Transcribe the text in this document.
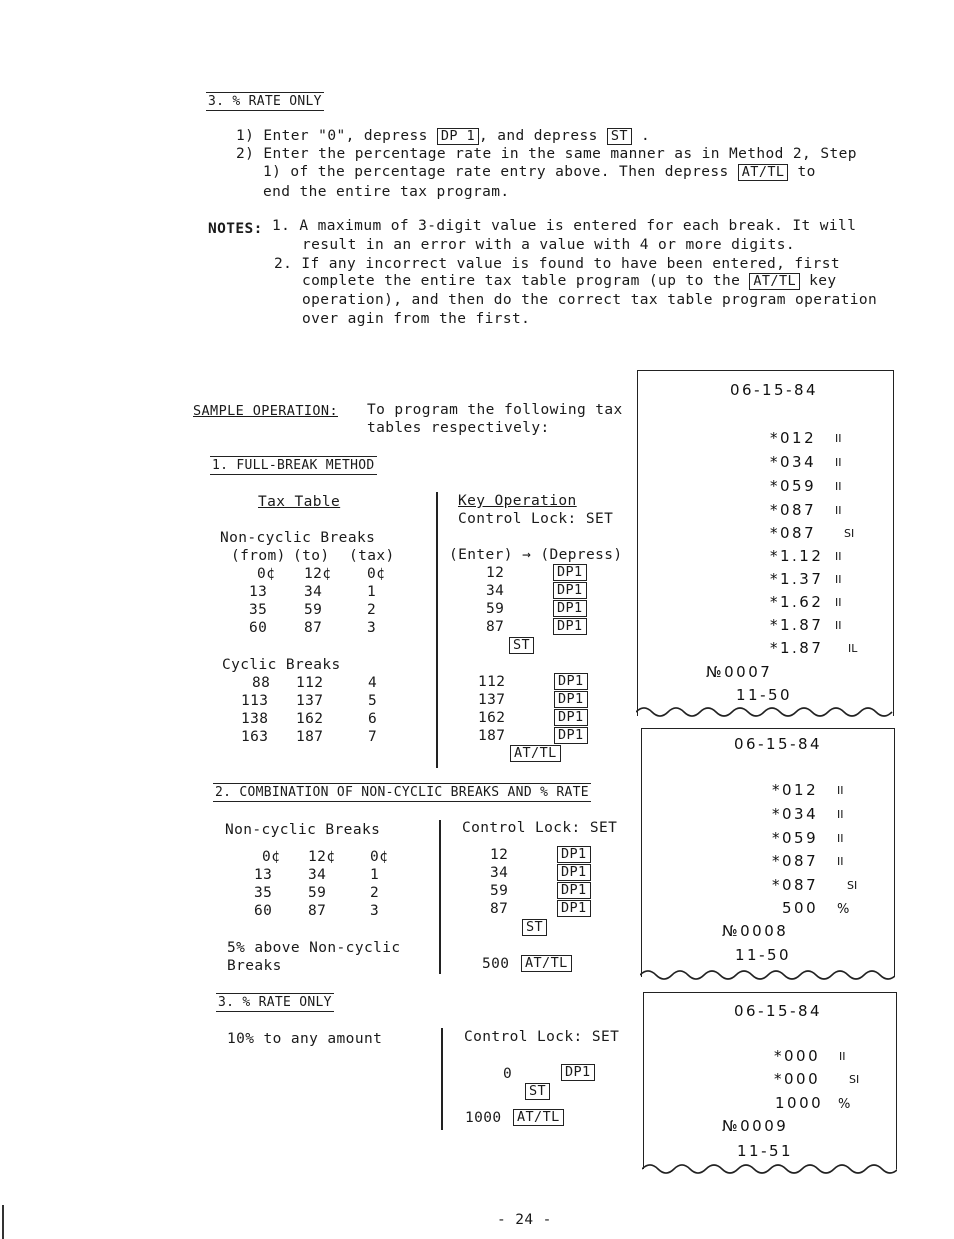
3. % RATE ONLY
1) Enter "0", depress DP 1 , and depress ST .
2) Enter the percentage rate in the same manner as in Method 2, Step
1) of the percentage rate entry above. Then depress AT/TL to
end the entire tax program.
NOTES: 1. A maximum of 3-digit value is entered for each break. It will
result in an error with a value with 4 or more digits.
2. If any incorrect value is found to have been entered, first
complete the entire tax table program (up to the AT/TL key
operation), and then do the correct tax table program operation
over agin from the first.
SAMPLE OPERATION: To program the following tax
tables respectively:
1. FULL-BREAK METHOD
Tax Table	Key Operation
Control Lock: SET
Non-cyclic Breaks
(from) (to) (tax)	(Enter) → (Depress)
0¢ 12¢ 0¢	12	DP1
13	34	1	34	DP1
35	59	2	59	DP1
60	87	3	87	DP1
ST
Cyclic Breaks
88 112	4	112	DP1
113 137	5	137	DP1
138 162	6	162	DP1
163 187	7	187	DP1
AT/TL
2. COMBINATION OF NON-CYCLIC BREAKS AND % RATE
Non-cyclic Breaks	Control Lock: SET
0¢ 12¢ 0¢	12	DP1
13 34	1	34	DP1
35 59	2	59	DP1
60 87	3	87	DP1
ST
5% above Non-cyclic
Breaks	500 AT/TL
3. % RATE ONLY
10% to any amount	Control Lock: SET
0	DP1
ST
1000 AT/TL
06-15-84
*012 II
*034 II
*059 II
*087 II
*087	SI
*1.12 II
*1.37 II
*1.62 II
*1.87 II
*1.87 IL
№0007
11-50
06-15-84
*012 II
*034 II
*059 II
*087 II
*087	SI
500 %
№0008
11-50
06-15-84
*000 II
*000	SI
1000 %
№0009
11-51
- 24 -
